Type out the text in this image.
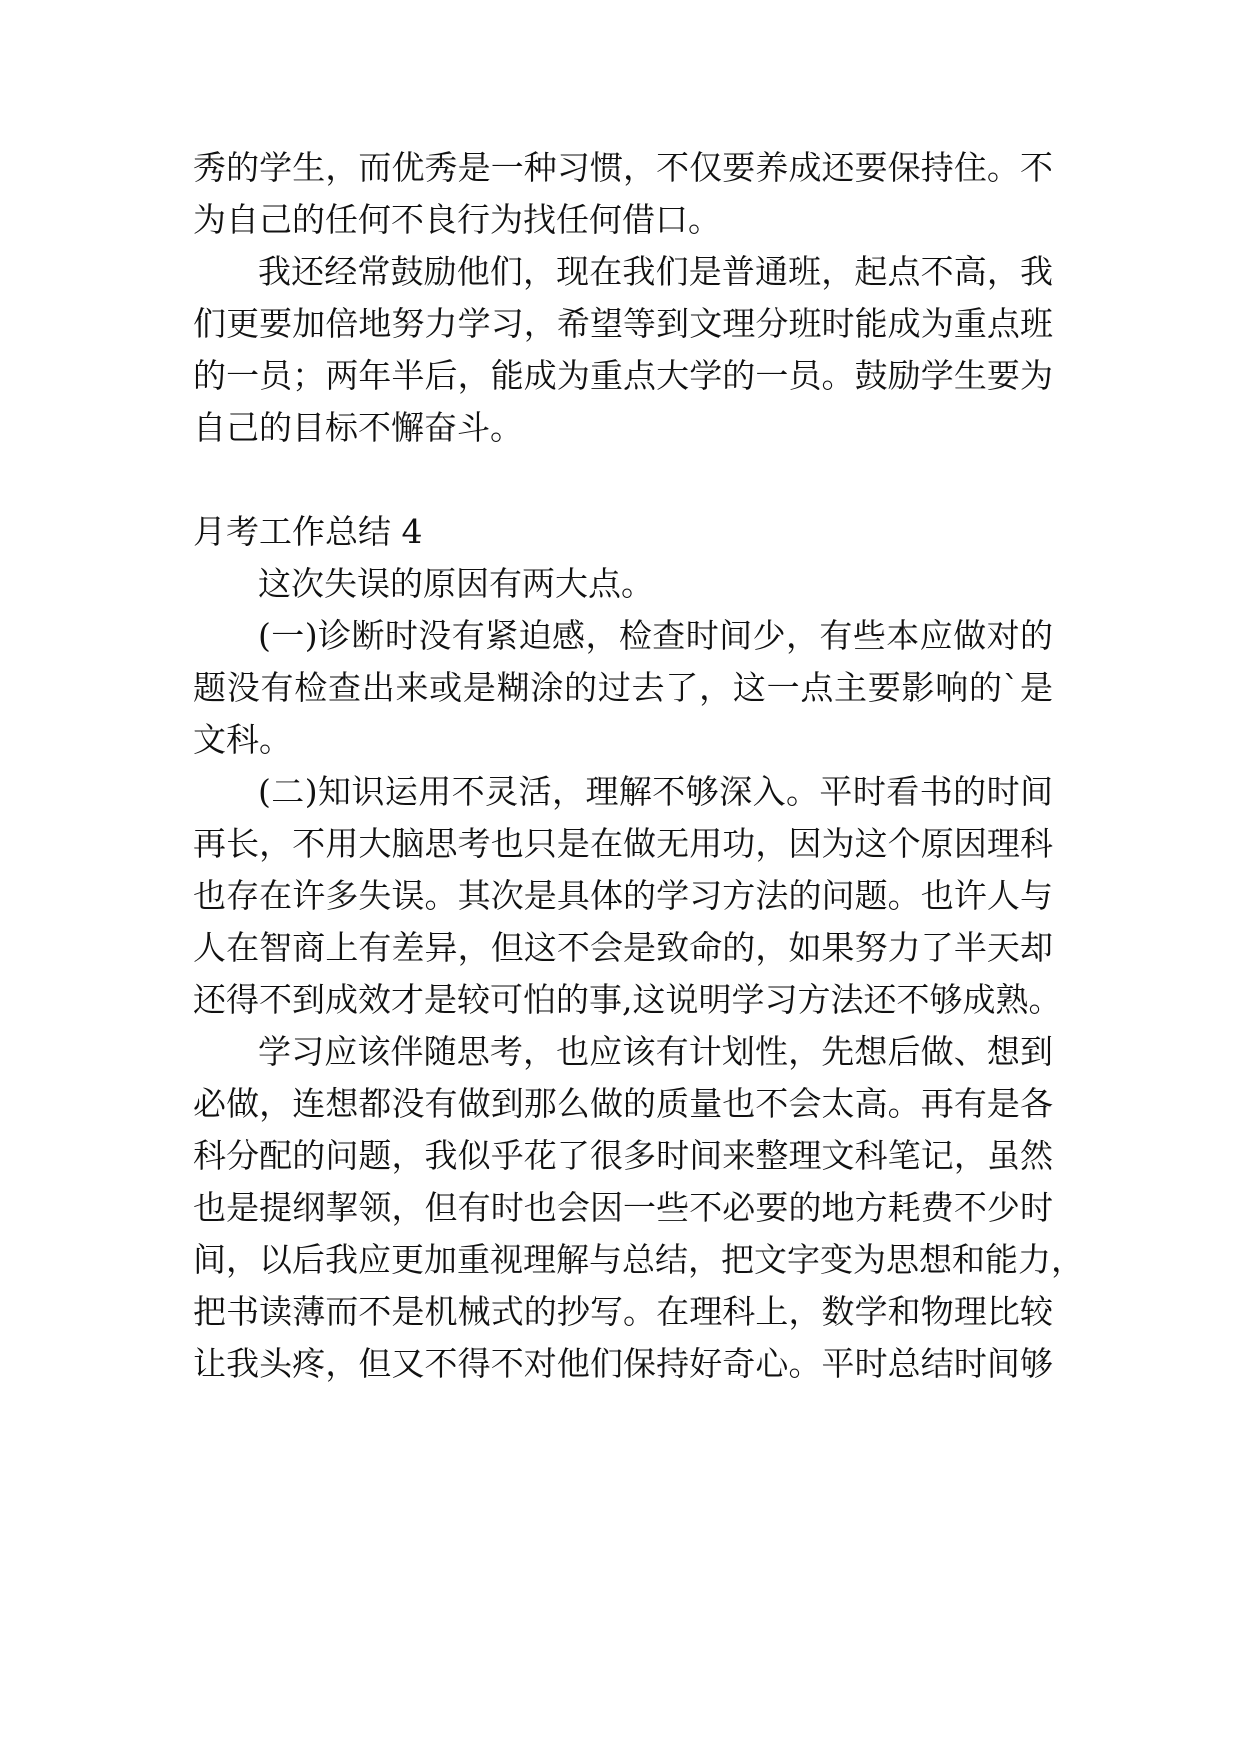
秀的学生，而优秀是一种习惯，不仅要养成还要保持住。不
为自己的任何不良行为找任何借口。
我还经常鼓励他们，现在我们是普通班，起点不高，我
们更要加倍地努力学习，希望等到文理分班时能成为重点班
的一员；两年半后，能成为重点大学的一员。鼓励学生要为
自己的目标不懈奋斗。
月考工作总结 4
这次失误的原因有两大点。
(一)诊断时没有紧迫感，检查时间少，有些本应做对的
题没有检查出来或是糊涂的过去了，这一点主要影响的`是
文科。
(二)知识运用不灵活，理解不够深入。平时看书的时间
再长，不用大脑思考也只是在做无用功，因为这个原因理科
也存在许多失误。其次是具体的学习方法的问题。也许人与
人在智商上有差异，但这不会是致命的，如果努力了半天却
还得不到成效才是较可怕的事,这说明学习方法还不够成熟。
学习应该伴随思考，也应该有计划性，先想后做、想到
必做，连想都没有做到那么做的质量也不会太高。再有是各
科分配的问题，我似乎花了很多时间来整理文科笔记，虽然
也是提纲挈领，但有时也会因一些不必要的地方耗费不少时
间，以后我应更加重视理解与总结，把文字变为思想和能力，
把书读薄而不是机械式的抄写。在理科上，数学和物理比较
让我头疼，但又不得不对他们保持好奇心。平时总结时间够
